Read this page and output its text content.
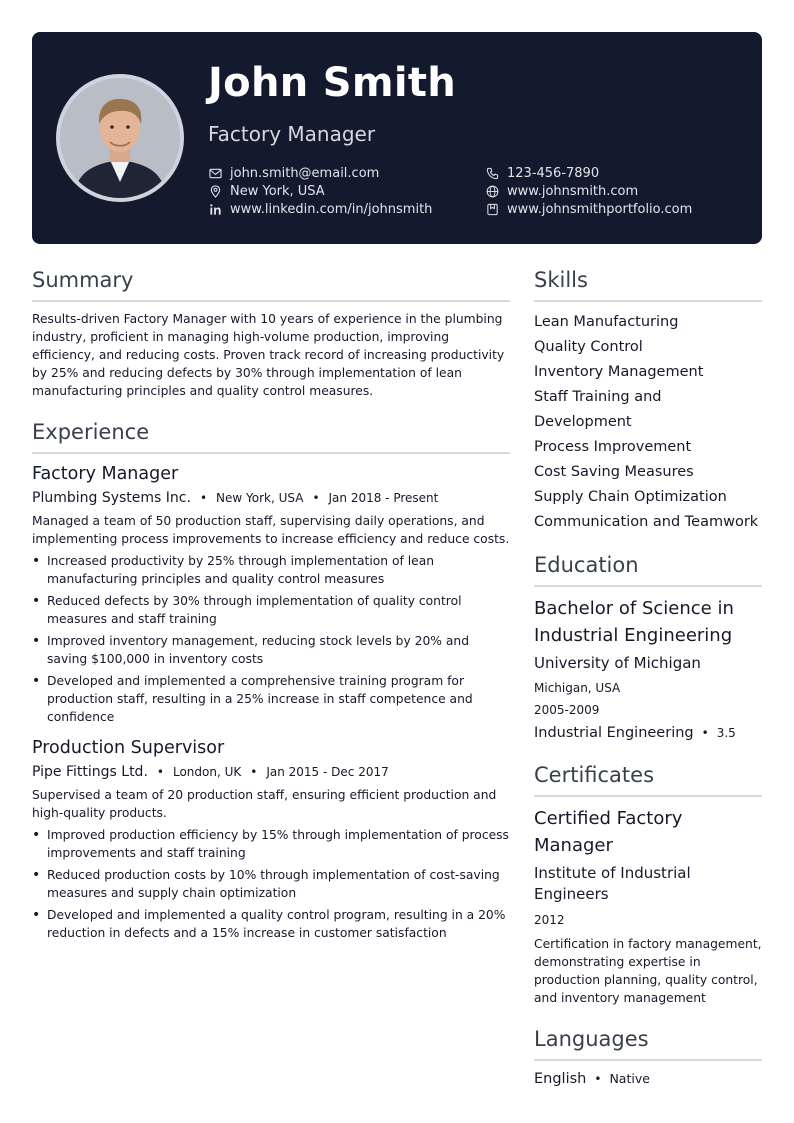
John Smith
Factory Manager
john.smith@email.com	123-456-7890
New York, USA	www.johnsmith.com
www.linkedin.com/in/johnsmith	www.johnsmithportfolio.com
Summary
Results-driven Factory Manager with 10 years of experience in the plumbing industry, proficient in managing high-volume production, improving efficiency, and reducing costs. Proven track record of increasing productivity by 25% and reducing defects by 30% through implementation of lean manufacturing principles and quality control measures.
Experience
Factory Manager
Plumbing Systems Inc. • New York, USA • Jan 2018 - Present
Managed a team of 50 production staff, supervising daily operations, and implementing process improvements to increase efficiency and reduce costs.
• Increased productivity by 25% through implementation of lean manufacturing principles and quality control measures
• Reduced defects by 30% through implementation of quality control measures and staff training
• Improved inventory management, reducing stock levels by 20% and saving $100,000 in inventory costs
• Developed and implemented a comprehensive training program for production staff, resulting in a 25% increase in staff competence and confidence
Production Supervisor
Pipe Fittings Ltd. • London, UK • Jan 2015 - Dec 2017
Supervised a team of 20 production staff, ensuring efficient production and high-quality products.
• Improved production efficiency by 15% through implementation of process improvements and staff training
• Reduced production costs by 10% through implementation of cost-saving measures and supply chain optimization
• Developed and implemented a quality control program, resulting in a 20% reduction in defects and a 15% increase in customer satisfaction
Skills
Lean Manufacturing
Quality Control
Inventory Management
Staff Training and Development
Process Improvement
Cost Saving Measures
Supply Chain Optimization
Communication and Teamwork
Education
Bachelor of Science in Industrial Engineering
University of Michigan
Michigan, USA
2005-2009
Industrial Engineering • 3.5
Certificates
Certified Factory Manager
Institute of Industrial Engineers
2012
Certification in factory management, demonstrating expertise in production planning, quality control, and inventory management
Languages
English • Native
